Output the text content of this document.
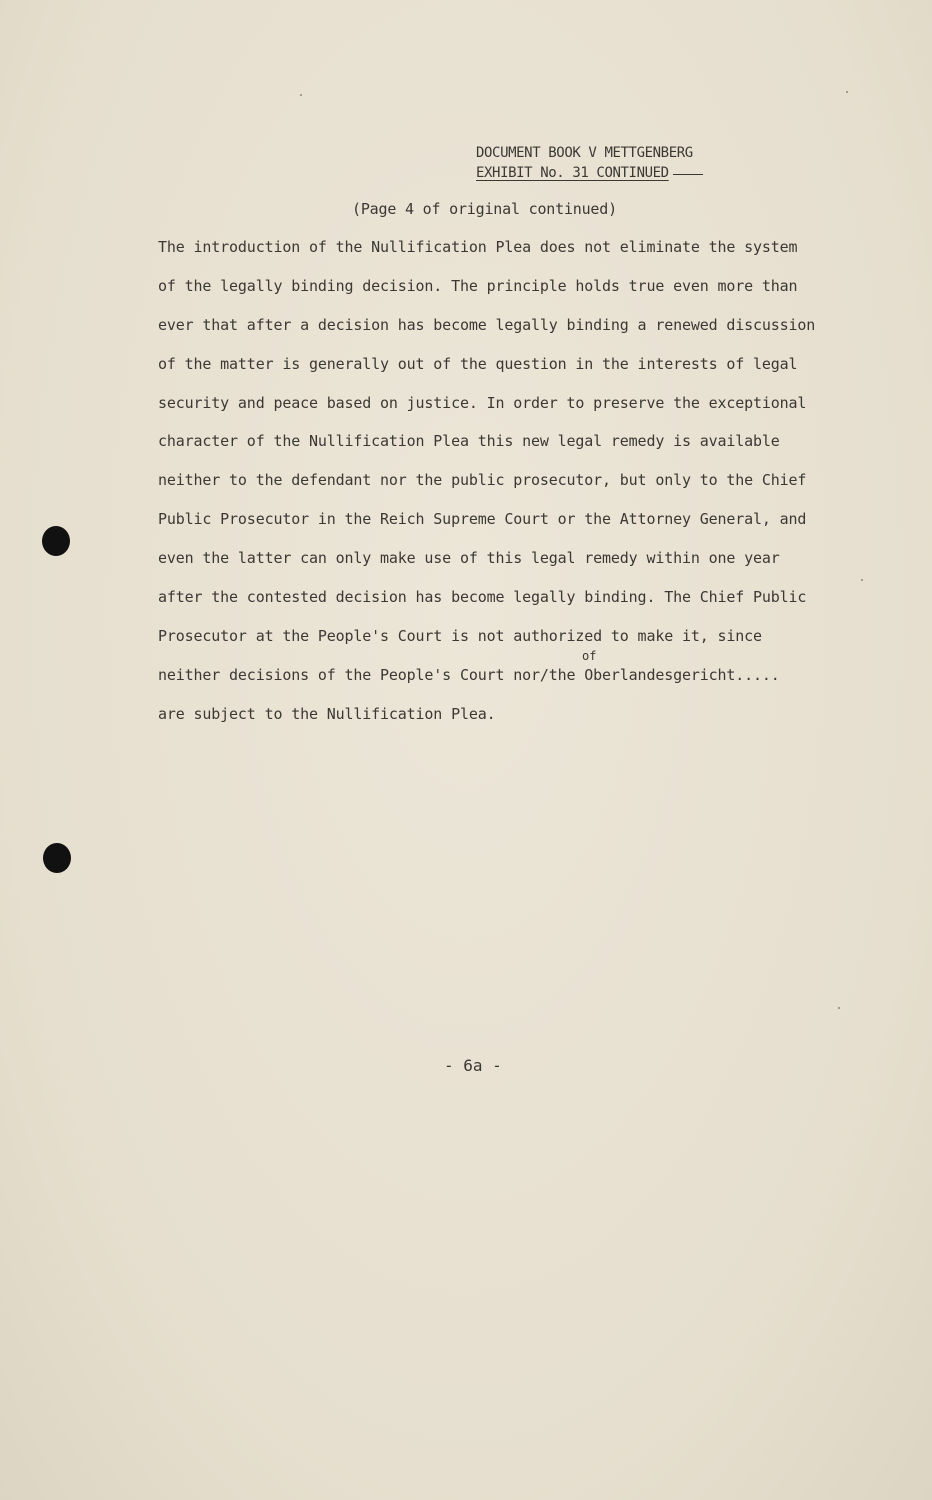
DOCUMENT BOOK V METTGENBERG
EXHIBIT No. 31 CONTINUED
(Page 4 of original continued)
The introduction of the Nullification Plea does not eliminate the system
of the legally binding decision. The principle holds true even more than
ever that after a decision has become legally binding a renewed discussion
of the matter is generally out of the question in the interests of legal
security and peace based on justice. In order to preserve the exceptional
character of the Nullification Plea this new legal remedy is available
neither to the defendant nor the public prosecutor, but only to the Chief
Public Prosecutor in the Reich Supreme Court or the Attorney General, and
even the latter can only make use of this legal remedy within one year
after the contested decision has become legally binding. The Chief Public
Prosecutor at the People's Court is not authorized to make it, since
of
neither decisions of the People's Court nor/the Oberlandesgericht.....
are subject to the Nullification Plea.
- 6a -
